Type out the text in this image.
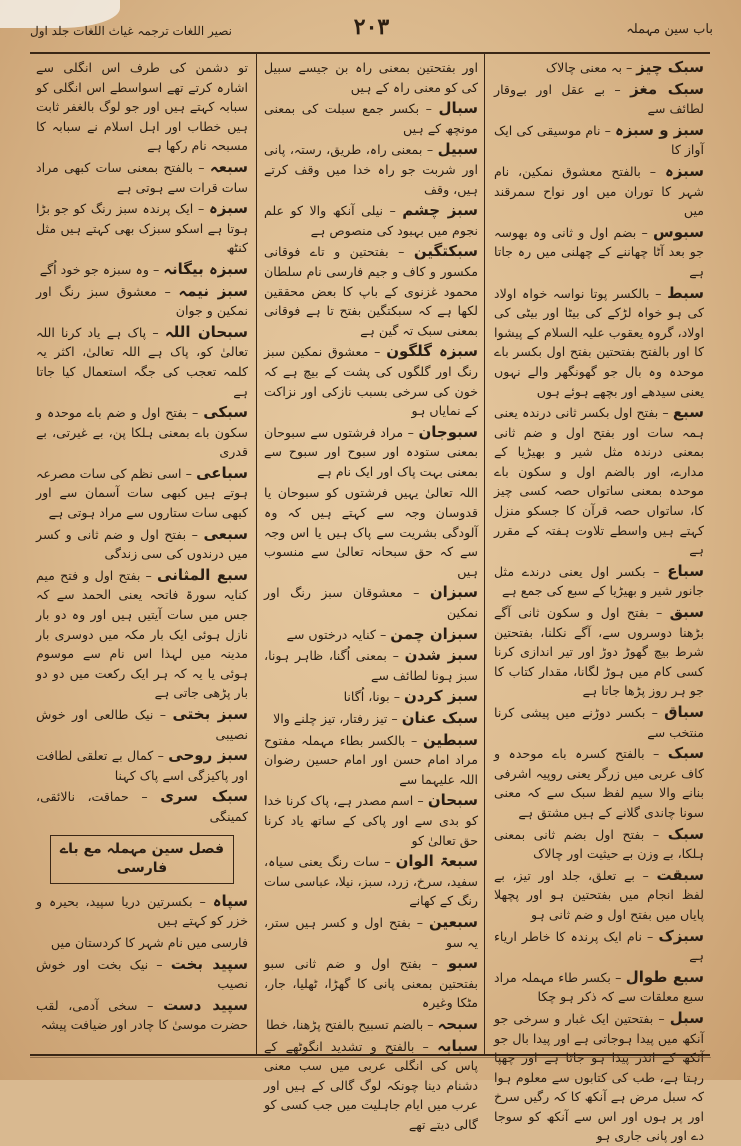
باب سین مہملہ
۲۰۳
نصیر اللغات ترجمہ غیاث اللغات جلد اول

سبک چیز – بہ معنی چالاک

سبک مغز – بے عقل اور بےوقار لطائف سے

سبز و سبزہ – نام موسیقی کی ایک آواز کا

سبزہ – بالفتح معشوق نمکین، نام شہر کا توران میں اور نواح سمرقند میں

سبوس – بضم اول و ثانی وہ بھوسہ جو بعد آٹا چھاننے کے چھلنی میں رہ جاتا ہے

سبط – بالکسر پوتا نواسہ خواہ اولاد کی ہو خواہ لڑکے کی بیٹا اور بیٹی کی اولاد، گروہ یعقوب علیہ السلام کے پیشوا کا اور بالفتح بفتحتین بفتح اول بکسر باے موحدہ وہ بال جو گھونگھر والے نہوں یعنی سیدھے اور بچھے ہوئے ہوں

سبع – بفتح اول بکسر ثانی درندہ یعنی ہمہ سات اور بفتح اول و ضم ثانی بمعنی درندہ مثل شیر و بھیڑیا کے مدارے، اور بالضم اول و سکون باے موحدہ بمعنی ساتواں حصہ کسی چیز کا، ساتواں حصہ قرآن کا جسکو منزل کہتے ہیں واسطے تلاوت ہفتہ کے مقرر ہے

سباع – بکسر اول یعنی درندے مثل جانور شیر و بھیڑیا کے سبع کی جمع ہے

سبق – بفتح اول و سکون ثانی آگے بڑھنا دوسروں سے، آگے نکلنا، بفتحتین شرط بیچ گھوڑ دوڑ اور تیر اندازی کرنا کسی کام میں ہوڑ لگانا، مقدار کتاب کا جو ہر روز پڑھا جاتا ہے

سباق – بکسر دوڑنے میں پیشی کرنا منتخب سے

سبک – بالفتح کسرہ باے موحدہ و کاف عربی میں زرگر یعنی روپیہ اشرفی بنانے والا سیم لفظ سبک سے کہ معنی سونا چاندی گلانے کے ہیں مشتق ہے

سبک – بفتح اول بضم ثانی بمعنی ہلکا، بے وزن بے حیثیت اور چالاک

سبقت – بے تعلق، جلد اور تیز، بے لفظ انجام میں بفتحتین ہو اور پچھلا پایاں میں بفتح اول و ضم ثانی ہو

سبزک – نام ایک پرندہ کا خاطر اریاء ہے

سبع طوال – بکسر طاء مہملہ مراد سبع معلقات سے کہ ذکر ہو چکا

سبل – بفتحتین ایک غبار و سرخی جو آنکھ میں پیدا ہوجاتی ہے اور پیدا بال جو آنکھ کے اندر پیدا ہو جاتا ہے اور چھپا رہتا ہے، طب کی کتابوں سے معلوم ہوا کہ سبل مرض ہے آنکھ کا کہ رگیں سرخ اور پر ہوں اور اس سے آنکھ کو سوجا دے اور پانی جاری ہو

اور بفتحتین بمعنی راہ بن جیسے سبیل کی کو معنی راہ کے ہیں

سبال – بکسر جمع سبلت کی بمعنی مونچھ کے ہیں

سبیل – بمعنی راہ، طریق، رستہ، پانی اور شربت جو راہ خدا میں وقف کرتے ہیں، وقف

سبز چشم – نیلی آنکھ والا کو علم نجوم میں بہبود کی منصوص ہے

سبکتگین – بفتحتین و تاے فوقانی مکسور و کاف و جیم فارسی نام سلطان محمود غزنوی کے باپ کا بعض محققین لکھا ہے کہ سبکتگین بفتح تا ہے فوقانی بمعنی سبک تہ گین ہے

سبزہ گلگون – معشوق نمکین سبز رنگ اور گلگوں کی پشت کے بیچ ہے کہ خون کی سرخی بسبب نازکی اور نزاکت کے نمایاں ہو

سبوجان – مراد فرشتوں سے سبوحان بمعنی ستودہ اور سبوح اور سبوح سے بمعنی بہت پاک اور ایک نام ہے

اللہ تعالیٰ یہیں فرشتوں کو سبوحان یا قدوسان وجہ سے کہتے ہیں کہ وہ آلودگی بشریت سے پاک ہیں یا اس وجہ سے کہ حق سبحانہ تعالیٰ سے منسوب ہیں

سبزان – معشوقان سبز رنگ اور نمکین

سبزان چمن – کنایہ درختوں سے

سبز شدن – بمعنی اُگنا، ظاہر ہونا، سبز ہونا لطائف سے

سبز کردن – بونا، اُگانا

سبک عنان – تیز رفتار، تیز چلنے والا

سبطین – بالکسر بطاء مہملہ مفتوح مراد امام حسن اور امام حسین رضوان اللہ علیہما سے

سبحان – اسم مصدر ہے، پاک کرنا خدا کو بدی سے اور پاکی کے ساتھ یاد کرنا حق تعالیٰ کو

سبعۃ الوان – سات رنگ یعنی سیاہ، سفید، سرخ، زرد، سبز، نیلا، عباسی سات رنگ کے کھانے

سبعین – بفتح اول و کسر ہیں ستر، یہ سو

سبو – بفتح اول و ضم ثانی سبو بفتحتین بمعنی پانی کا گھڑا، ٹھلیا، جار، مٹکا وغیرہ

سبحہ – بالضم تسبیح بالفتح پڑھنا، خطا

سبابہ – بالفتح و تشدید انگوٹھے کے پاس کی انگلی عربی میں سب معنی دشنام دینا چونکہ لوگ گالی کے ہیں اور عرب میں ایام جاہلیت میں جب کسی کو گالی دیتے تھے

تو دشمن کی طرف اس انگلی سے اشارہ کرتے تھے اسواسطے اس انگلی کو سبابہ کہتے ہیں اور جو لوگ بالغفر ثابت ہیں خطاب اور اہل اسلام نے سبابہ کا مسبحہ نام رکھا ہے

سبعہ – بالفتح بمعنی سات کبھی مراد سات قرات سے ہوتی ہے

سبزہ – ایک پرندہ سبز رنگ کو جو بڑا ہوتا ہے اسکو سبزک بھی کہتے ہیں مثل کنٹھ

سبزہ بیگانہ – وہ سبزہ جو خود اُگے

سبز نیمہ – معشوق سبز رنگ اور نمکین و جوان

سبحان اللہ – پاک ہے یاد کرنا اللہ تعالیٰ کو، پاک ہے اللہ تعالیٰ، اکثر یہ کلمہ تعجب کی جگہ استعمال کیا جاتا ہے

سبکی – بفتح اول و ضم باے موحدہ و سکون باے بمعنی ہلکا پن، بے غیرتی، بے قدری

سباعی – اسی نظم کی سات مصرعہ ہوتے ہیں کبھی سات آسمان سے اور کبھی سات ستاروں سے مراد ہوتی ہے

سبعی – بفتح اول و ضم ثانی و کسر میں درندوں کی سی زندگی

سبع المثانی – بفتح اول و فتح میم کنایہ سورۃ فاتحہ یعنی الحمد سے کہ جس میں سات آیتیں ہیں اور وہ دو بار نازل ہوئی ایک بار مکہ میں دوسری بار مدینہ میں لہذا اس نام سے موسوم ہوئی یا یہ کہ ہر ایک رکعت میں دو دو بار پڑھی جاتی ہے

سبز بختی – نیک طالعی اور خوش نصیبی

سبز روحی – کمال بے تعلقی لطافت اور پاکیزگی اسے پاک کہنا

سبک سری – حماقت، نالائقی، کمینگی

فصل سین مہملہ مع باے فارسی

سپاہ – بکسرتین دریا سپید، بحیرہ و خزر کو کہتے ہیں

فارسی میں نام شہر کا کردستان میں

سپید بخت – نیک بخت اور خوش نصیب

سپید دست – سخی آدمی، لقب حضرت موسیٰ کا چادر اور ضیافت پیشہ
